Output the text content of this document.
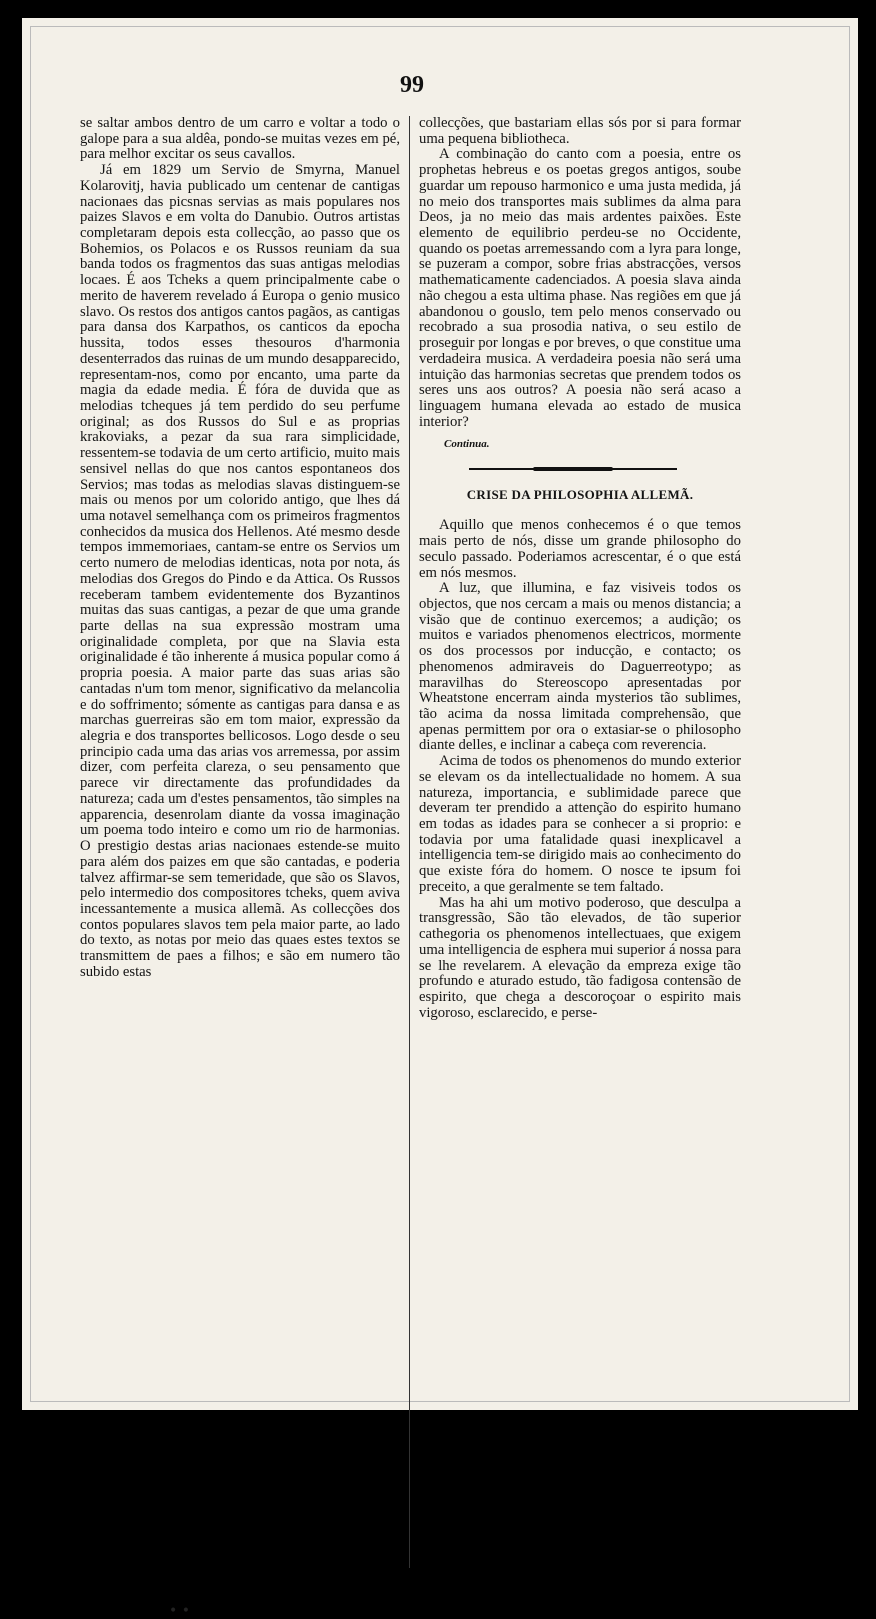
99

se saltar ambos dentro de um carro e voltar a todo o galope para a sua aldêa, pondo-se muitas vezes em pé, para melhor excitar os seus cavallos.

Já em 1829 um Servio de Smyrna, Manuel Kolarovitj, havia publicado um centenar de cantigas nacionaes das picsnas servias as mais populares nos paizes Slavos e em volta do Danubio. Outros artistas completaram depois esta collecção, ao passo que os Bohemios, os Polacos e os Russos reuniam da sua banda todos os fragmentos das suas antigas melodias locaes. É aos Tcheks a quem principalmente cabe o merito de haverem revelado á Europa o genio musico slavo. Os restos dos antigos cantos pagãos, as cantigas para dansa dos Karpathos, os canticos da epocha hussita, todos esses thesouros d'harmonia desenterrados das ruinas de um mundo desapparecido, representam-nos, como por encanto, uma parte da magia da edade media. É fóra de duvida que as melodias tcheques já tem perdido do seu perfume original; as dos Russos do Sul e as proprias krakoviaks, a pezar da sua rara simplicidade, ressentem-se todavia de um certo artificio, muito mais sensivel nellas do que nos cantos espontaneos dos Servios; mas todas as melodias slavas distinguem-se mais ou menos por um colorido antigo, que lhes dá uma notavel semelhança com os primeiros fragmentos conhecidos da musica dos Hellenos. Até mesmo desde tempos immemoriaes, cantam-se entre os Servios um certo numero de melodias identicas, nota por nota, ás melodias dos Gregos do Pindo e da Attica. Os Russos receberam tambem evidentemente dos Byzantinos muitas das suas cantigas, a pezar de que uma grande parte dellas na sua expressão mostram uma originalidade completa, por que na Slavia esta originalidade é tão inherente á musica popular como á propria poesia. A maior parte das suas arias são cantadas n'um tom menor, significativo da melancolia e do soffrimento; sómente as cantigas para dansa e as marchas guerreiras são em tom maior, expressão da alegria e dos transportes bellicosos. Logo desde o seu principio cada uma das arias vos arremessa, por assim dizer, com perfeita clareza, o seu pensamento que parece vir directamente das profundidades da natureza; cada um d'estes pensamentos, tão simples na apparencia, desenrolam diante da vossa imaginação um poema todo inteiro e como um rio de harmonias. O prestigio destas arias nacionaes estende-se muito para além dos paizes em que são cantadas, e poderia talvez affirmar-se sem temeridade, que são os Slavos, pelo intermedio dos compositores tcheks, quem aviva incessantemente a musica allemã. As collecções dos contos populares slavos tem pela maior parte, ao lado do texto, as notas por meio das quaes estes textos se transmittem de paes a filhos; e são em numero tão subido estas

collecções, que bastariam ellas sós por si para formar uma pequena bibliotheca.

A combinação do canto com a poesia, entre os prophetas hebreus e os poetas gregos antigos, soube guardar um repouso harmonico e uma justa medida, já no meio dos transportes mais sublimes da alma para Deos, ja no meio das mais ardentes paixões. Este elemento de equilibrio perdeu-se no Occidente, quando os poetas arremessando com a lyra para longe, se puzeram a compor, sobre frias abstracções, versos mathematicamente cadenciados. A poesia slava ainda não chegou a esta ultima phase. Nas regiões em que já abandonou o gouslo, tem pelo menos conservado ou recobrado a sua prosodia nativa, o seu estilo de proseguir por longas e por breves, o que constitue uma verdadeira musica. A verdadeira poesia não será uma intuição das harmonias secretas que prendem todos os seres uns aos outros? A poesia não será acaso a linguagem humana elevada ao estado de musica interior?

Continua.
CRISE DA PHILOSOPHIA ALLEMÃ.

Aquillo que menos conhecemos é o que temos mais perto de nós, disse um grande philosopho do seculo passado. Poderiamos acrescentar, é o que está em nós mesmos.

A luz, que illumina, e faz visiveis todos os objectos, que nos cercam a mais ou menos distancia; a visão que de continuo exercemos; a audição; os muitos e variados phenomenos electricos, mormente os dos processos por inducção, e contacto; os phenomenos admiraveis do Daguerreotypo; as maravilhas do Stereoscopo apresentadas por Wheatstone encerram ainda mysterios tão sublimes, tão acima da nossa limitada comprehensão, que apenas permittem por ora o extasiar-se o philosopho diante delles, e inclinar a cabeça com reverencia.

Acima de todos os phenomenos do mundo exterior se elevam os da intellectualidade no homem. A sua natureza, importancia, e sublimidade parece que deveram ter prendido a attenção do espirito humano em todas as idades para se conhecer a si proprio: e todavia por uma fatalidade quasi inexplicavel a intelligencia tem-se dirigido mais ao conhecimento do que existe fóra do homem. O nosce te ipsum foi preceito, a que geralmente se tem faltado.

Mas ha ahi um motivo poderoso, que desculpa a transgressão, São tão elevados, de tão superior cathegoria os phenomenos intellectuaes, que exigem uma intelligencia de esphera mui superior á nossa para se lhe revelarem. A elevação da empreza exige tão profundo e aturado estudo, tão fadigosa contensão de espirito, que chega a descoroçoar o espirito mais vigoroso, esclarecido, e perse-

• •
